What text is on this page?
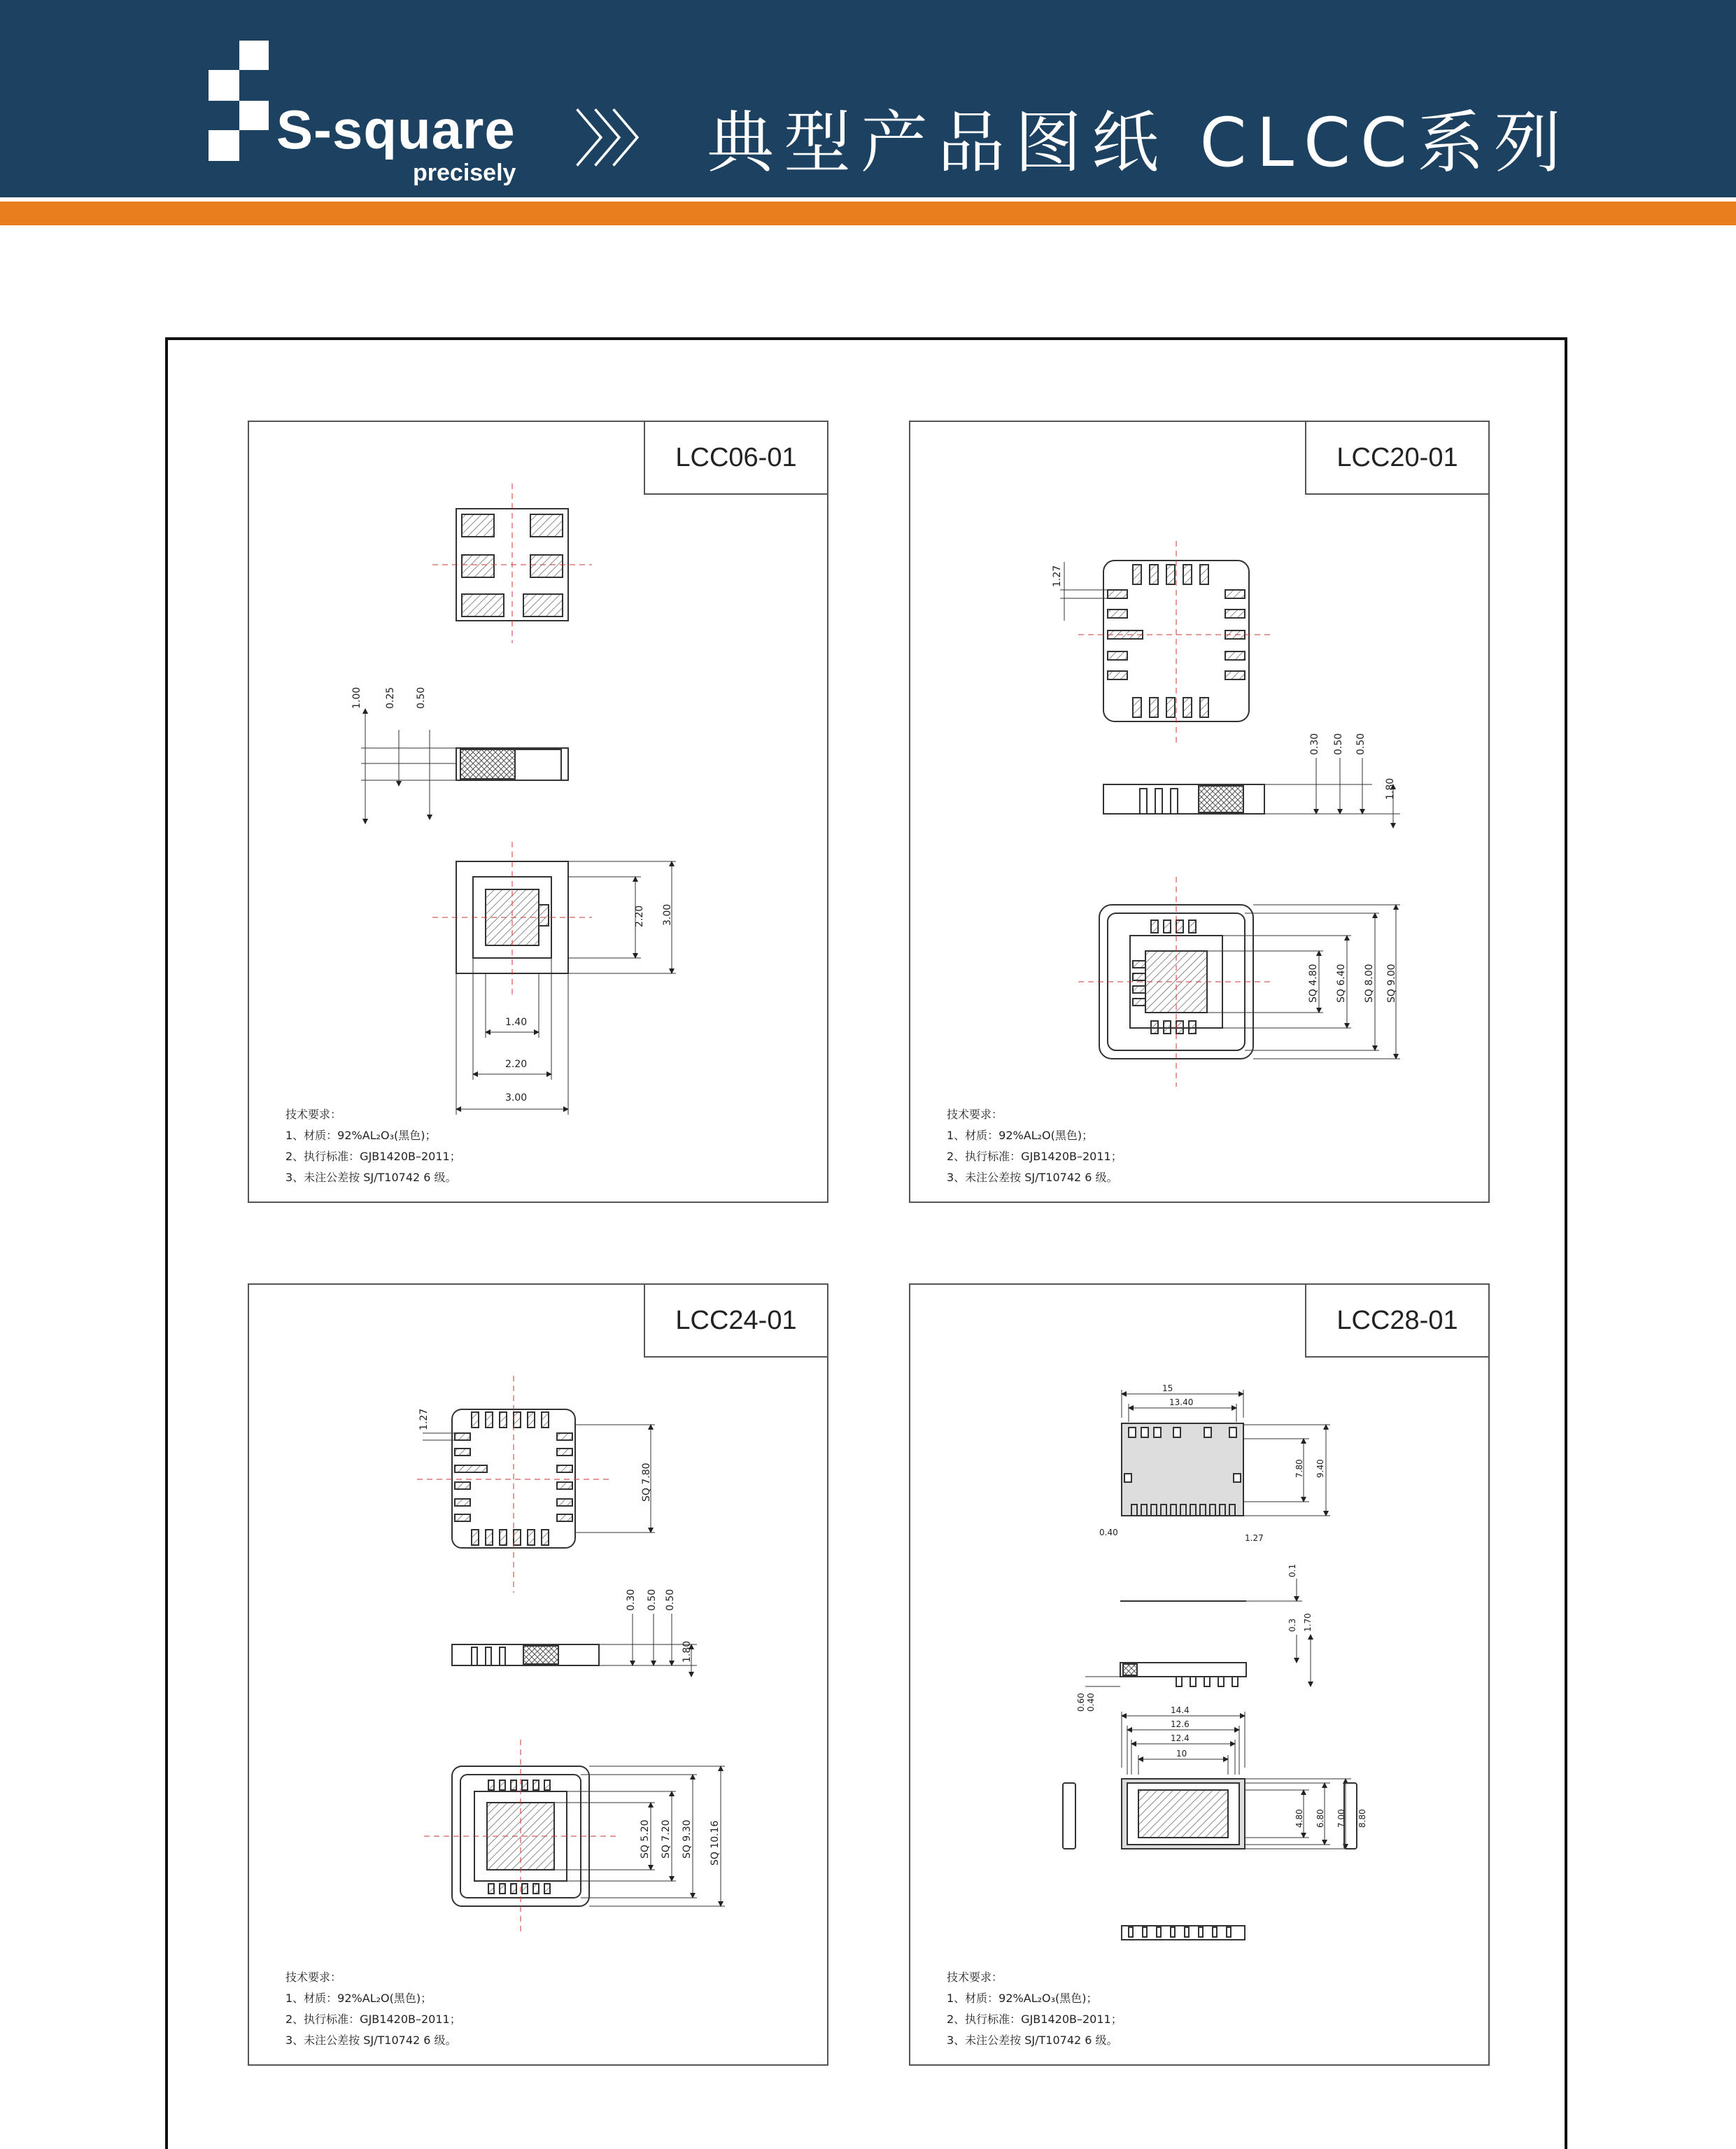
S-square
precisely 〉〉〉 典型产品图纸 CLCC系列
LCC06-01
1.00 0.25 0.50
2.20 3.00
1.40
2.20
3.00
技术要求：
1、材质：92%AL₂O₃(黑色)；
2、执行标准：GJB1420B–2011；
3、未注公差按 SJ/T10742 6 级。
LCC20-01
1.27
0.30 0.50 0.50
1.80
SQ 4.80 SQ 6.40 SQ 8.00 SQ 9.00
技术要求：
1、材质：92%AL₂O(黑色)；
2、执行标准：GJB1420B–2011；
3、未注公差按 SJ/T10742 6 级。
LCC24-01
1.27
SQ 7.80
0.30 0.50 0.50
1.80
SQ 5.20 SQ 7.20 SQ 9.30 SQ 10.16
技术要求：
1、材质：92%AL₂O(黑色)；
2、执行标准：GJB1420B–2011；
3、未注公差按 SJ/T10742 6 级。
LCC28-01
15
13.40
7.80 9.40
0.40
1.27
0.1
0.3 1.70
0.60 0.40	14.4
12.6
12.4
10
4.80 6.80 7.00 8.80
技术要求：
1、材质：92%AL₂O₃(黑色)；
2、执行标准：GJB1420B–2011；
3、未注公差按 SJ/T10742 6 级。
